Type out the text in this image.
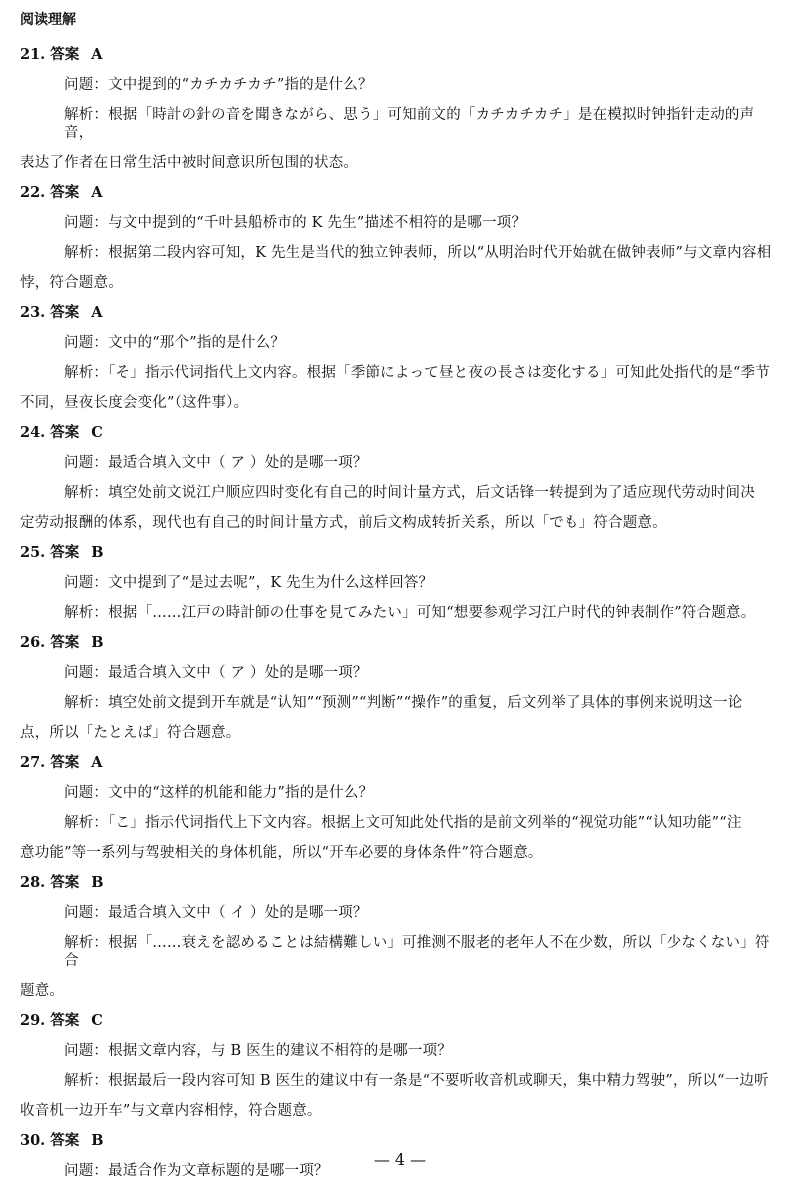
阅读理解
21. 答案 A
问题：文中提到的“カチカチカチ”指的是什么？
解析：根据「時計の針の音を聞きながら、思う」可知前文的「カチカチカチ」是在模拟时钟指针走动的声音，
表达了作者在日常生活中被时间意识所包围的状态。
22. 答案 A
问题：与文中提到的“千叶县船桥市的 K 先生”描述不相符的是哪一项？
解析：根据第二段内容可知，K 先生是当代的独立钟表师，所以“从明治时代开始就在做钟表师”与文章内容相
悖，符合题意。
23. 答案 A
问题：文中的“那个”指的是什么？
解析：「そ」指示代词指代上文内容。根据「季節によって昼と夜の長さは変化する」可知此处指代的是“季节
不同，昼夜长度会变化”（这件事）。
24. 答案 C
问题：最适合填入文中（ ア ）处的是哪一项？
解析：填空处前文说江户顺应四时变化有自己的时间计量方式，后文话锋一转提到为了适应现代劳动时间决
定劳动报酬的体系，现代也有自己的时间计量方式，前后文构成转折关系，所以「でも」符合题意。
25. 答案 B
问题：文中提到了“是过去呢”，K 先生为什么这样回答？
解析：根据「……江戸の時計師の仕事を見てみたい」可知“想要参观学习江户时代的钟表制作”符合题意。
26. 答案 B
问题：最适合填入文中（ ア ）处的是哪一项？
解析：填空处前文提到开车就是“认知”“预测”“判断”“操作”的重复，后文列举了具体的事例来说明这一论
点，所以「たとえば」符合题意。
27. 答案 A
问题：文中的“这样的机能和能力”指的是什么？
解析：「こ」指示代词指代上下文内容。根据上文可知此处代指的是前文列举的“视觉功能”“认知功能”“注
意功能”等一系列与驾驶相关的身体机能，所以“开车必要的身体条件”符合题意。
28. 答案 B
问题：最适合填入文中（ イ ）处的是哪一项？
解析：根据「……衰えを認めることは結構難しい」可推测不服老的老年人不在少数，所以「少なくない」符合
题意。
29. 答案 C
问题：根据文章内容，与 B 医生的建议不相符的是哪一项？
解析：根据最后一段内容可知 B 医生的建议中有一条是“不要听收音机或聊天，集中精力驾驶”，所以“一边听
收音机一边开车”与文章内容相悖，符合题意。
30. 答案 B
问题：最适合作为文章标题的是哪一项？
— 4 —
